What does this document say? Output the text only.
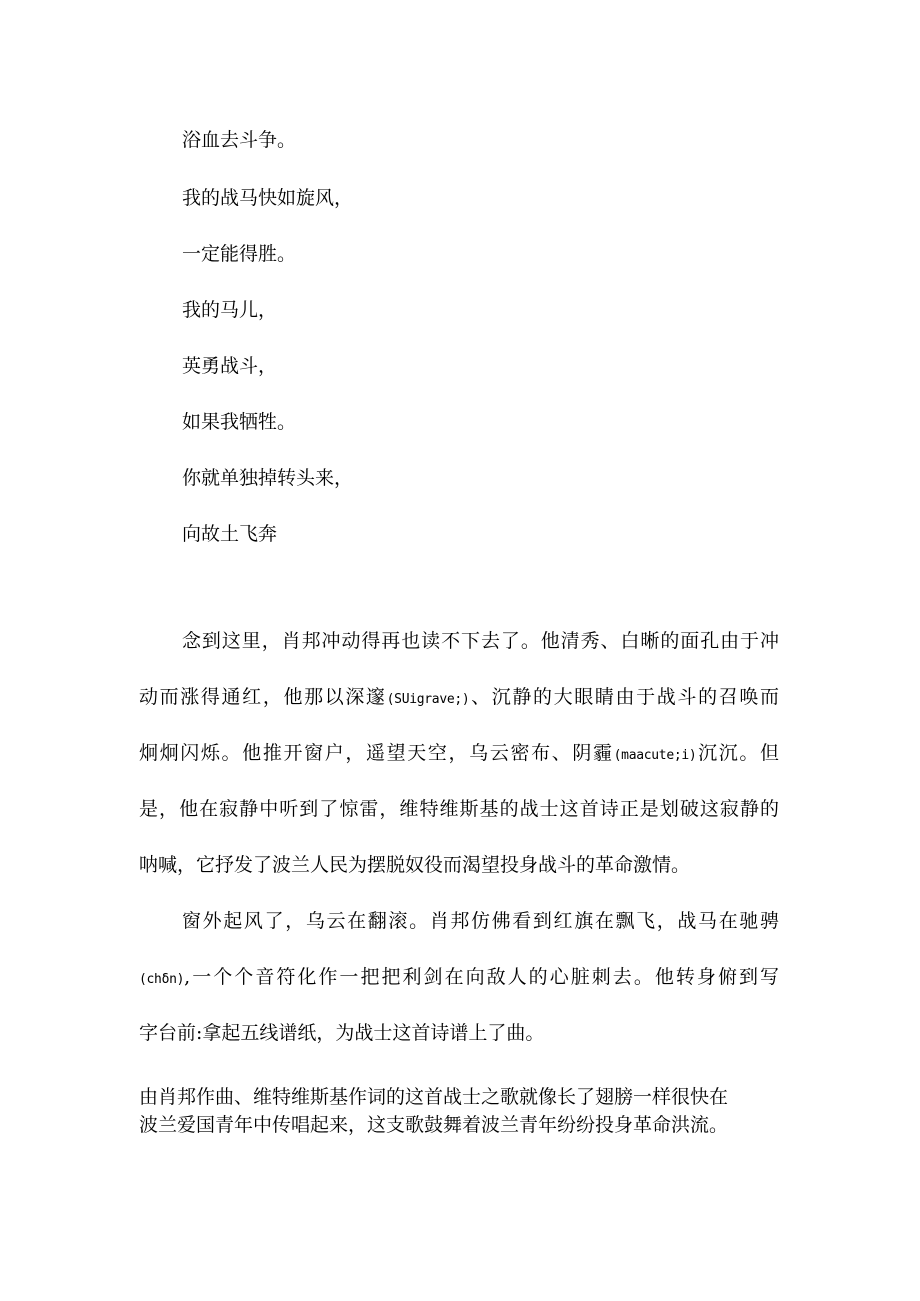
浴血去斗争。
我的战马快如旋风，
一定能得胜。
我的马儿，
英勇战斗，
如果我牺牲。
你就单独掉转头来，
向故土飞奔
念到这里，肖邦冲动得再也读不下去了。他清秀、白晰的面孔由于冲
动而涨得通红，他那以深邃(SUigrave;)、沉静的大眼睛由于战斗的召唤而
炯炯闪烁。他推开窗户，遥望天空，乌云密布、阴霾(maacute;i)沉沉。但
是，他在寂静中听到了惊雷，维特维斯基的战士这首诗正是划破这寂静的
呐喊，它抒发了波兰人民为摆脱奴役而渴望投身战斗的革命激情。
窗外起风了，乌云在翻滚。肖邦仿佛看到红旗在飘飞，战马在驰骋
(chδn),一个个音符化作一把把利剑在向敌人的心脏刺去。他转身俯到写
字台前:拿起五线谱纸，为战士这首诗谱上了曲。
由肖邦作曲、维特维斯基作词的这首战士之歌就像长了翅膀一样很快在
波兰爱国青年中传唱起来，这支歌鼓舞着波兰青年纷纷投身革命洪流。
